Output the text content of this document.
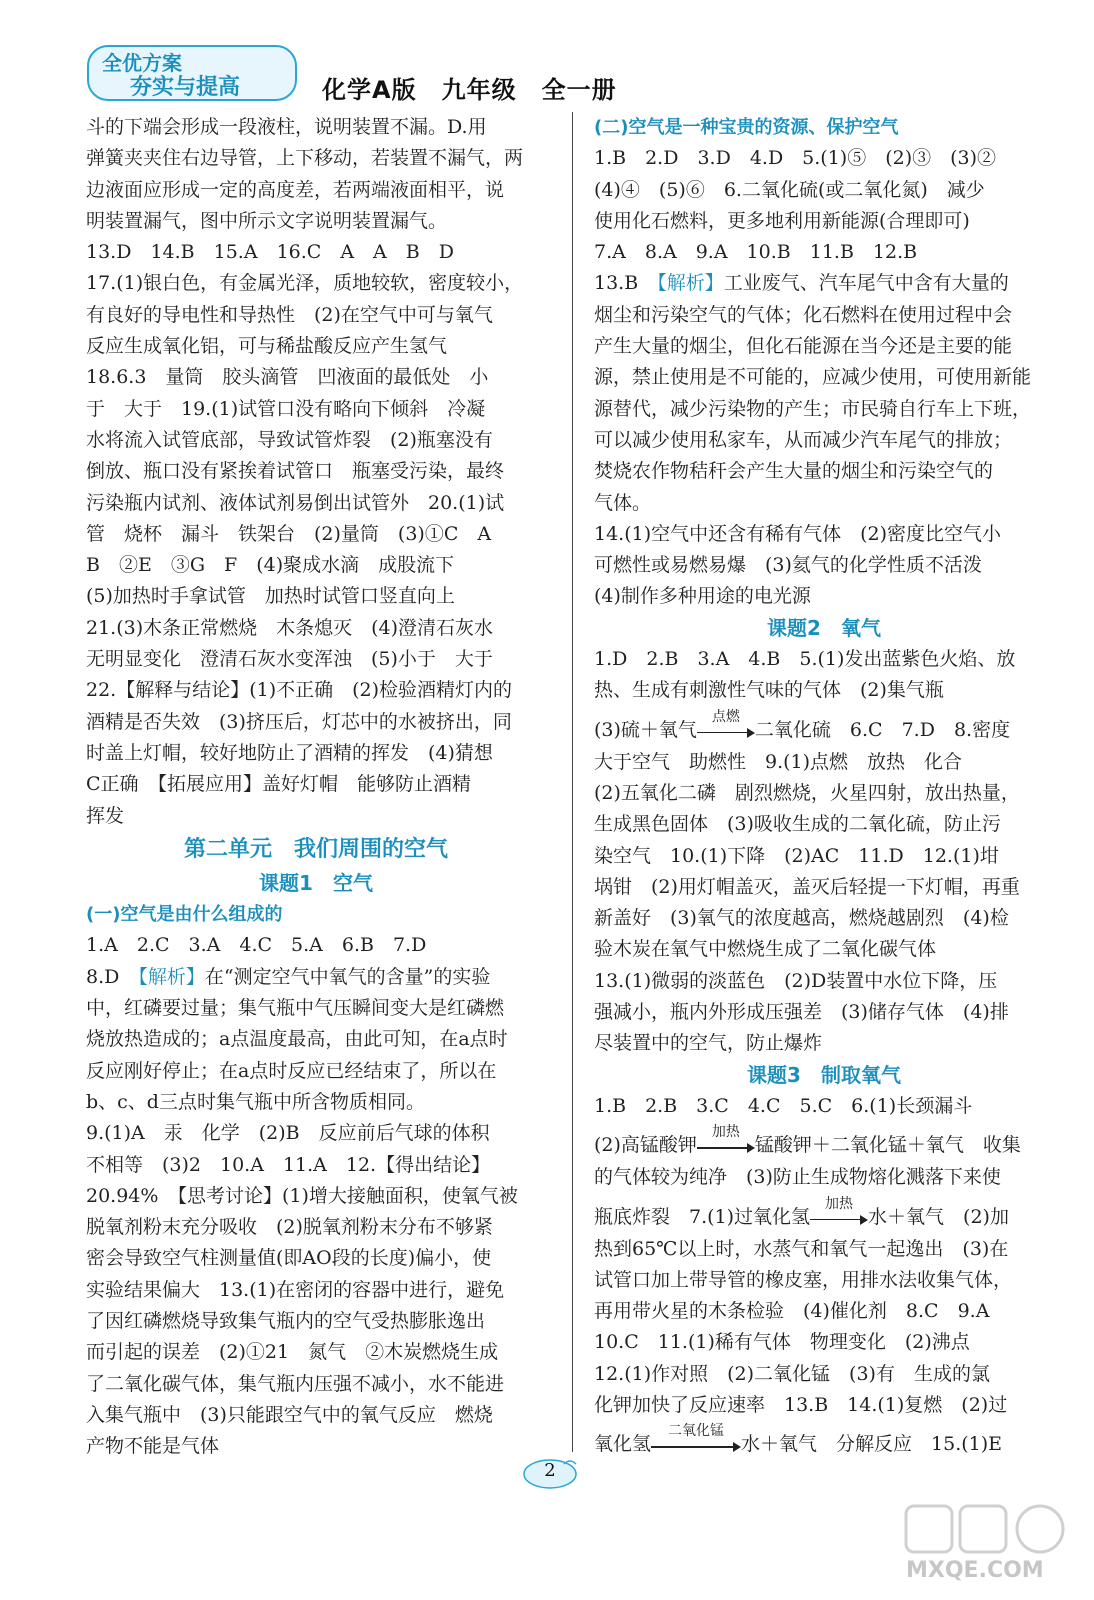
全优方案
夯实与提高	化学A版　九年级　全一册
斗的下端会形成一段液柱，说明装置不漏。D.用
弹簧夹夹住右边导管，上下移动，若装置不漏气，两
边液面应形成一定的高度差，若两端液面相平，说
明装置漏气，图中所示文字说明装置漏气。
13.D　14.B　15.A　16.C　A　A　B　D
17.(1)银白色，有金属光泽，质地较软，密度较小，
有良好的导电性和导热性　(2)在空气中可与氧气
反应生成氧化铝，可与稀盐酸反应产生氢气
18.6.3　量筒　胶头滴管　凹液面的最低处　小
于　大于　19.(1)试管口没有略向下倾斜　冷凝
水将流入试管底部，导致试管炸裂　(2)瓶塞没有
倒放、瓶口没有紧挨着试管口　瓶塞受污染，最终
污染瓶内试剂、液体试剂易倒出试管外　20.(1)试
管　烧杯　漏斗　铁架台　(2)量筒　(3)①C　A
B　②E　③G　F　(4)聚成水滴　成股流下
(5)加热时手拿试管　加热时试管口竖直向上
21.(3)木条正常燃烧　木条熄灭　(4)澄清石灰水
无明显变化　澄清石灰水变浑浊　(5)小于　大于
22.【解释与结论】(1)不正确　(2)检验酒精灯内的
酒精是否失效　(3)挤压后，灯芯中的水被挤出，同
时盖上灯帽，较好地防止了酒精的挥发　(4)猜想
C正确　【拓展应用】盖好灯帽　能够防止酒精
挥发
第二单元　我们周围的空气
课题1　空气
(一)空气是由什么组成的
1.A　2.C　3.A　4.C　5.A　6.B　7.D
8.D　【解析】在“测定空气中氧气的含量”的实验
中，红磷要过量；集气瓶中气压瞬间变大是红磷燃
烧放热造成的；a点温度最高，由此可知，在a点时
反应刚好停止；在a点时反应已经结束了，所以在
b、c、d三点时集气瓶中所含物质相同。
9.(1)A　汞　化学　(2)B　反应前后气球的体积
不相等　(3)2　10.A　11.A　12.【得出结论】
20.94%　【思考讨论】(1)增大接触面积，使氧气被
脱氧剂粉末充分吸收　(2)脱氧剂粉末分布不够紧
密会导致空气柱测量值(即AO段的长度)偏小，使
实验结果偏大　13.(1)在密闭的容器中进行，避免
了因红磷燃烧导致集气瓶内的空气受热膨胀逸出
而引起的误差　(2)①21　氮气　②木炭燃烧生成
了二氧化碳气体，集气瓶内压强不减小，水不能进
入集气瓶中　(3)只能跟空气中的氧气反应　燃烧
产物不能是气体
(二)空气是一种宝贵的资源、保护空气
1.B　2.D　3.D　4.D　5.(1)⑤　(2)③　(3)②
(4)④　(5)⑥　6.二氧化硫(或二氧化氮)　减少
使用化石燃料，更多地利用新能源(合理即可)
7.A　8.A　9.A　10.B　11.B　12.B
13.B　【解析】工业废气、汽车尾气中含有大量的
烟尘和污染空气的气体；化石燃料在使用过程中会
产生大量的烟尘，但化石能源在当今还是主要的能
源，禁止使用是不可能的，应减少使用，可使用新能
源替代，减少污染物的产生；市民骑自行车上下班，
可以减少使用私家车，从而减少汽车尾气的排放；
焚烧农作物秸秆会产生大量的烟尘和污染空气的
气体。
14.(1)空气中还含有稀有气体　(2)密度比空气小
可燃性或易燃易爆　(3)氦气的化学性质不活泼
(4)制作多种用途的电光源
课题2　氧气
1.D　2.B　3.A　4.B　5.(1)发出蓝紫色火焰、放
热、生成有刺激性气味的气体　(2)集气瓶
(3)硫＋氧气
点燃
二氧化硫　6.C　7.D　8.密度
大于空气　助燃性　9.(1)点燃　放热　化合
(2)五氧化二磷　剧烈燃烧，火星四射，放出热量，
生成黑色固体　(3)吸收生成的二氧化硫，防止污
染空气　10.(1)下降　(2)AC　11.D　12.(1)坩
埚钳　(2)用灯帽盖灭，盖灭后轻提一下灯帽，再重
新盖好　(3)氧气的浓度越高，燃烧越剧烈　(4)检
验木炭在氧气中燃烧生成了二氧化碳气体
13.(1)微弱的淡蓝色　(2)D装置中水位下降，压
强减小，瓶内外形成压强差　(3)储存气体　(4)排
尽装置中的空气，防止爆炸
课题3　制取氧气
1.B　2.B　3.C　4.C　5.C　6.(1)长颈漏斗
(2)高锰酸钾
加热
锰酸钾＋二氧化锰＋氧气　收集
的气体较为纯净　(3)防止生成物熔化溅落下来使
瓶底炸裂　7.(1)过氧化氢
加热
水＋氧气　(2)加
热到65℃以上时，水蒸气和氧气一起逸出　(3)在
试管口加上带导管的橡皮塞，用排水法收集气体，
再用带火星的木条检验　(4)催化剂　8.C　9.A
10.C　11.(1)稀有气体　物理变化　(2)沸点
12.(1)作对照　(2)二氧化锰　(3)有　生成的氯
化钾加快了反应速率　13.B　14.(1)复燃　(2)过
氧化氢
二氧化锰
水＋氧气　分解反应　15.(1)E
2
MXQE.COM
